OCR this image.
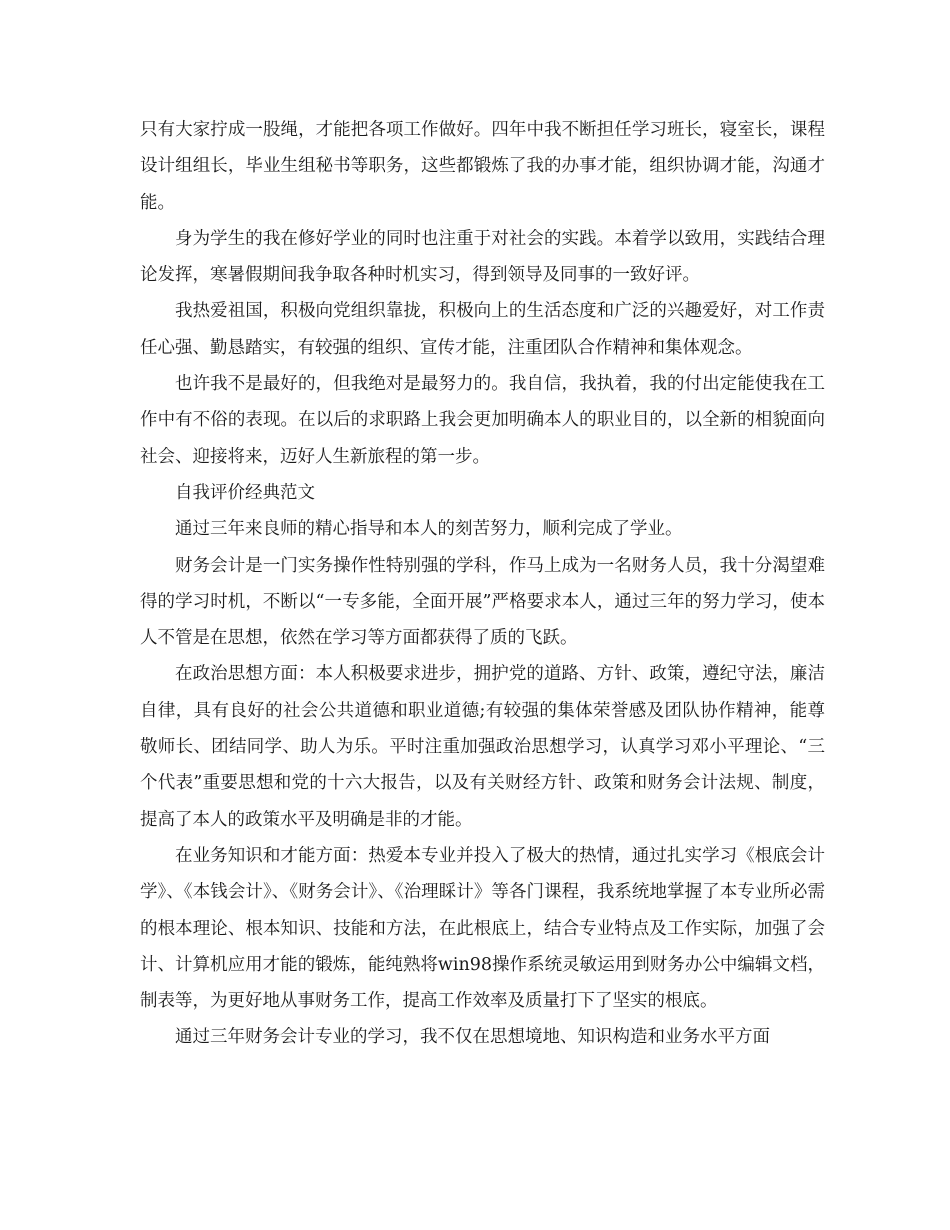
只有大家拧成一股绳，才能把各项工作做好。四年中我不断担任学习班长，寝室长，课程设计组组长，毕业生组秘书等职务，这些都锻炼了我的办事才能，组织协调才能，沟通才能。

身为学生的我在修好学业的同时也注重于对社会的实践。本着学以致用，实践结合理论发挥，寒暑假期间我争取各种时机实习，得到领导及同事的一致好评。

我热爱祖国，积极向党组织靠拢，积极向上的生活态度和广泛的兴趣爱好，对工作责任心强、勤恳踏实，有较强的组织、宣传才能，注重团队合作精神和集体观念。

也许我不是最好的，但我绝对是最努力的。我自信，我执着，我的付出定能使我在工作中有不俗的表现。在以后的求职路上我会更加明确本人的职业目的，以全新的相貌面向社会、迎接将来，迈好人生新旅程的第一步。

自我评价经典范文

通过三年来良师的精心指导和本人的刻苦努力，顺利完成了学业。

财务会计是一门实务操作性特别强的学科，作马上成为一名财务人员，我十分渴望难得的学习时机，不断以“一专多能，全面开展”严格要求本人，通过三年的努力学习，使本人不管是在思想，依然在学习等方面都获得了质的飞跃。

在政治思想方面：本人积极要求进步，拥护党的道路、方针、政策，遵纪守法，廉洁自律，具有良好的社会公共道德和职业道德;有较强的集体荣誉感及团队协作精神，能尊敬师长、团结同学、助人为乐。平时注重加强政治思想学习，认真学习邓小平理论、“三个代表”重要思想和党的十六大报告，以及有关财经方针、政策和财务会计法规、制度，提高了本人的政策水平及明确是非的才能。

在业务知识和才能方面：热爱本专业并投入了极大的热情，通过扎实学习《根底会计学》、《本钱会计》、《财务会计》、《治理睬计》等各门课程，我系统地掌握了本专业所必需的根本理论、根本知识、技能和方法，在此根底上，结合专业特点及工作实际，加强了会计、计算机应用才能的锻炼，能纯熟将win98操作系统灵敏运用到财务办公中编辑文档，制表等，为更好地从事财务工作，提高工作效率及质量打下了坚实的根底。

通过三年财务会计专业的学习，我不仅在思想境地、知识构造和业务水平方面
